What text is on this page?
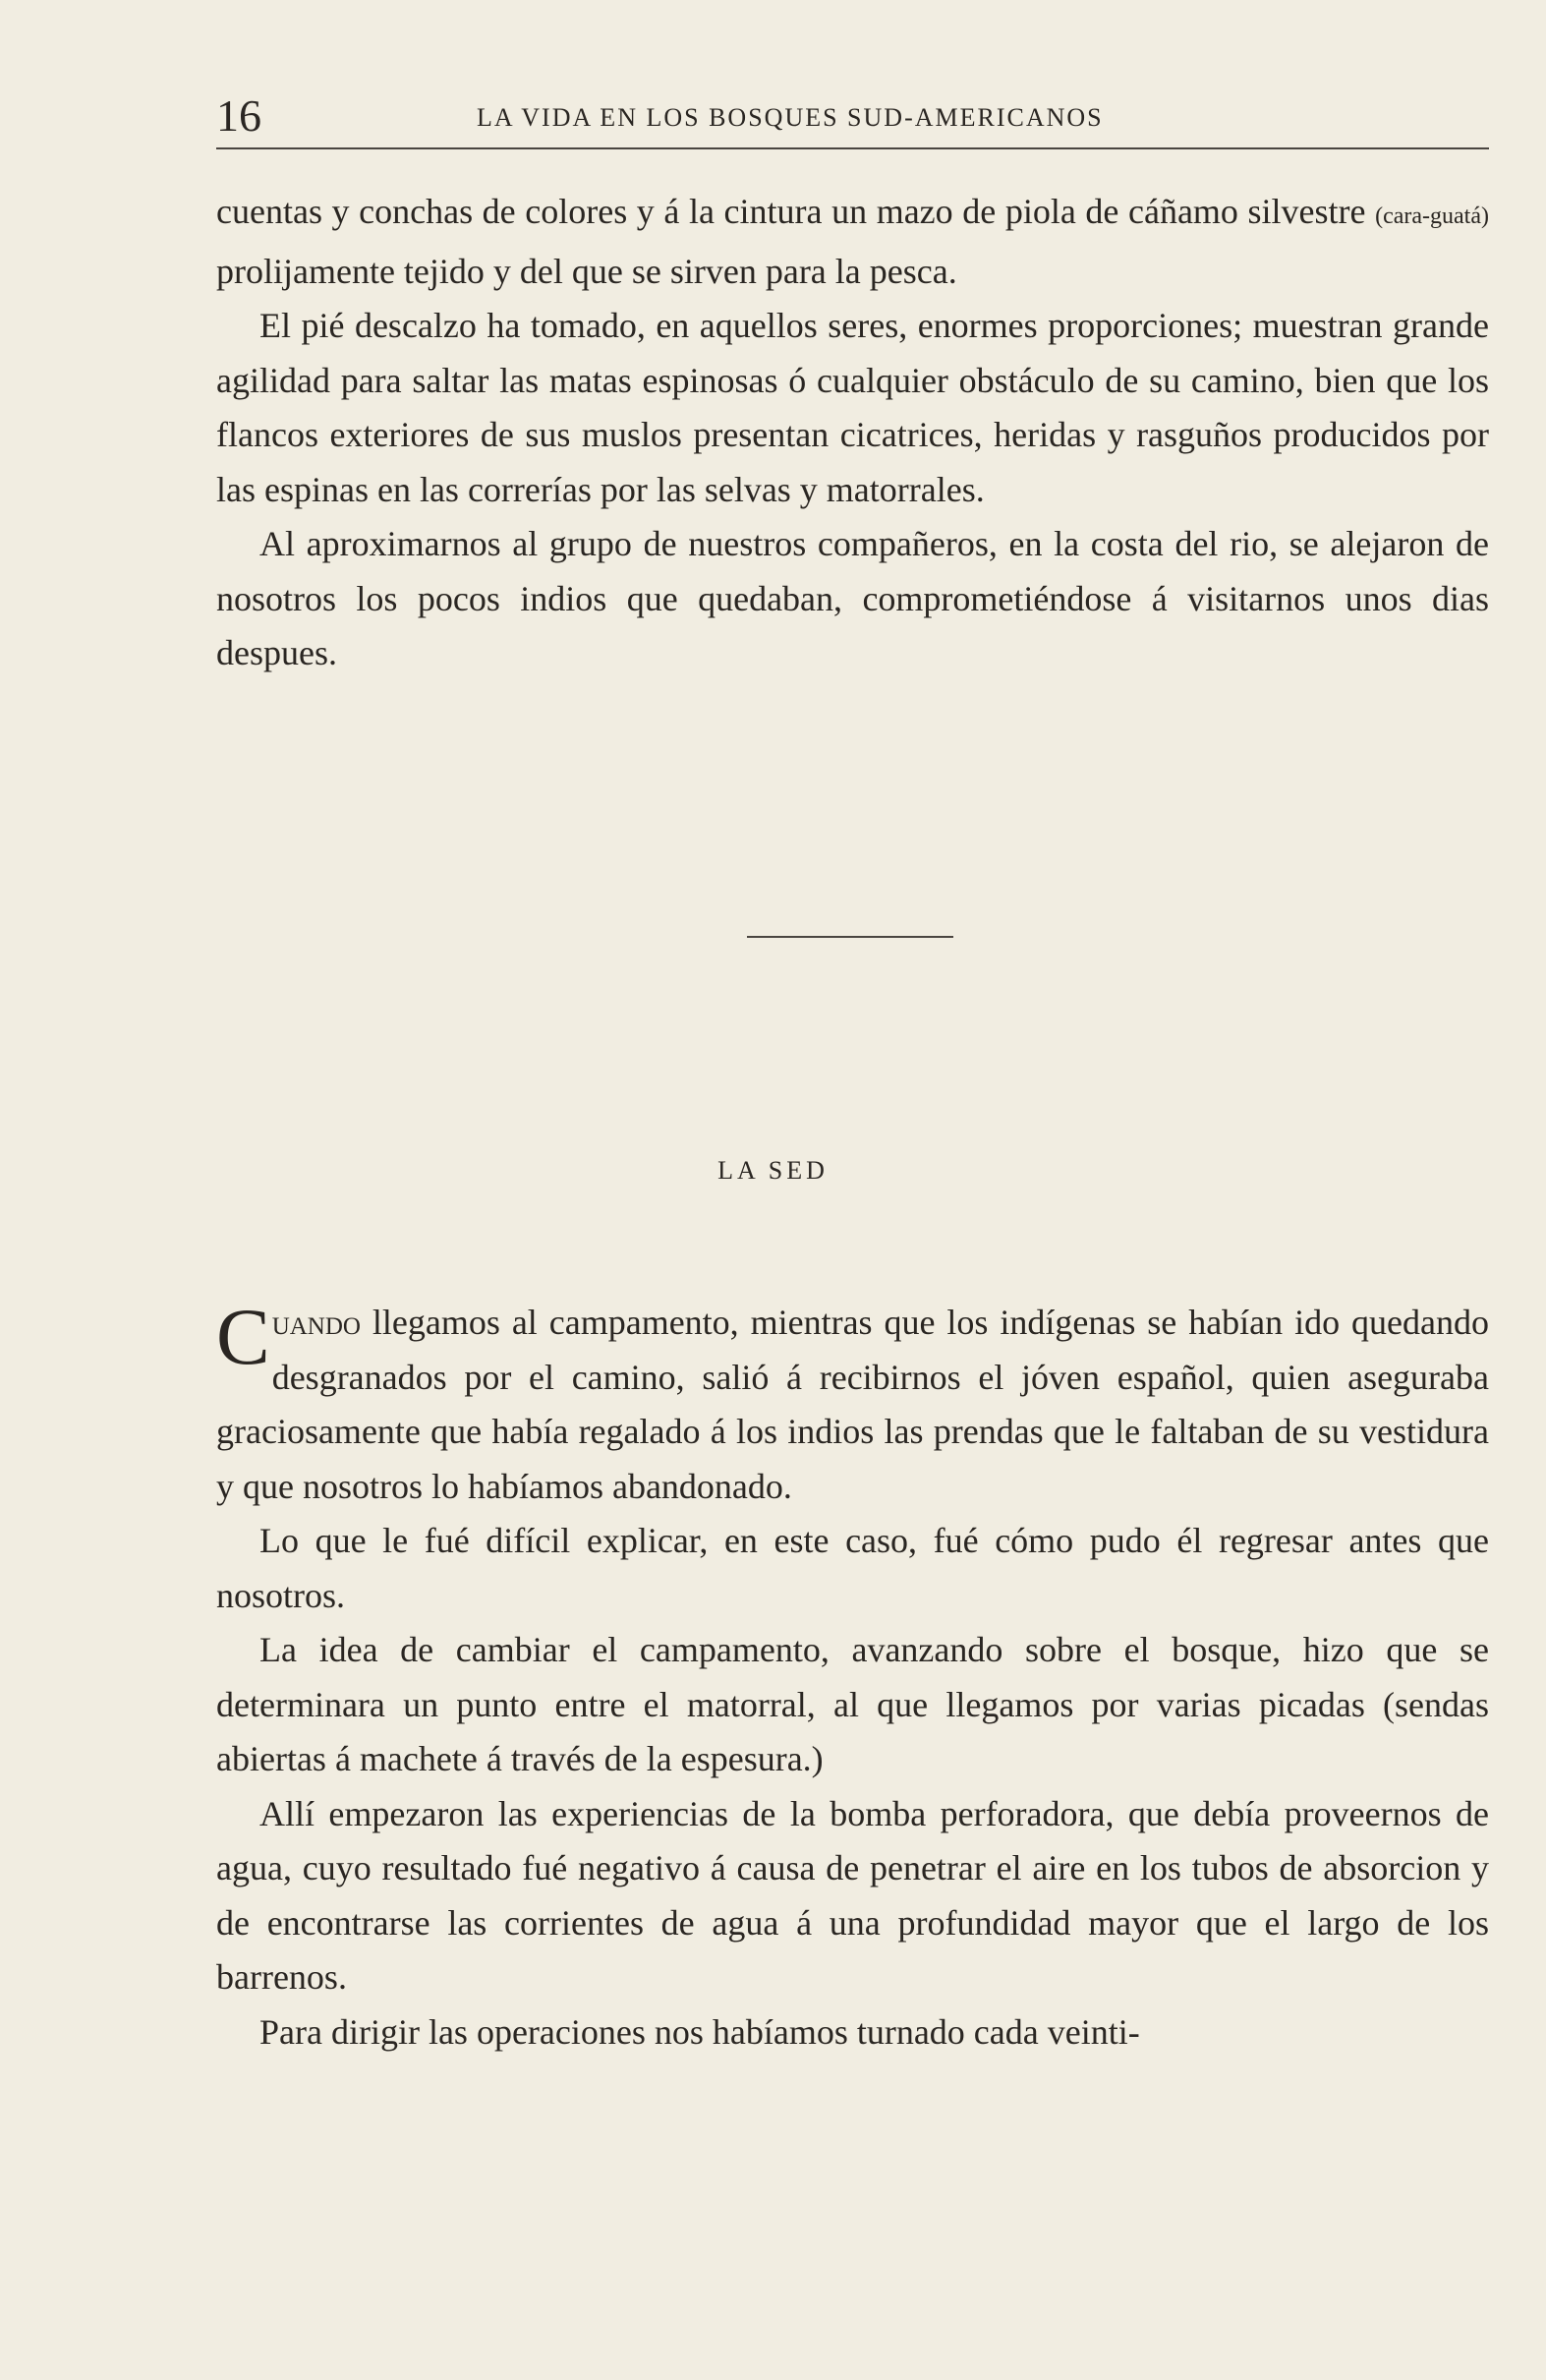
16	LA VIDA EN LOS BOSQUES SUD-AMERICANOS

cuentas y conchas de colores y á la cintura un mazo de piola de cáñamo silvestre (cara-guatá) prolijamente tejido y del que se sirven para la pesca.

El pié descalzo ha tomado, en aquellos seres, enormes proporciones; muestran grande agilidad para saltar las matas espinosas ó cualquier obstáculo de su camino, bien que los flancos exteriores de sus muslos presentan cicatrices, heridas y rasguños producidos por las espinas en las correrías por las selvas y matorrales.

Al aproximarnos al grupo de nuestros compañeros, en la costa del rio, se alejaron de nosotros los pocos indios que quedaban, comprometiéndose á visitarnos unos dias despues.

LA SED

Cuando llegamos al campamento, mientras que los indígenas se habían ido quedando desgranados por el camino, salió á recibirnos el jóven español, quien aseguraba graciosamente que había regalado á los indios las prendas que le faltaban de su vestidura y que nosotros lo habíamos abandonado.

Lo que le fué difícil explicar, en este caso, fué cómo pudo él regresar antes que nosotros.

La idea de cambiar el campamento, avanzando sobre el bosque, hizo que se determinara un punto entre el matorral, al que llegamos por varias picadas (sendas abiertas á machete á través de la espesura.)

Allí empezaron las experiencias de la bomba perforadora, que debía proveernos de agua, cuyo resultado fué negativo á causa de penetrar el aire en los tubos de absorcion y de encontrarse las corrientes de agua á una profundidad mayor que el largo de los barrenos.

Para dirigir las operaciones nos habíamos turnado cada veinti-
